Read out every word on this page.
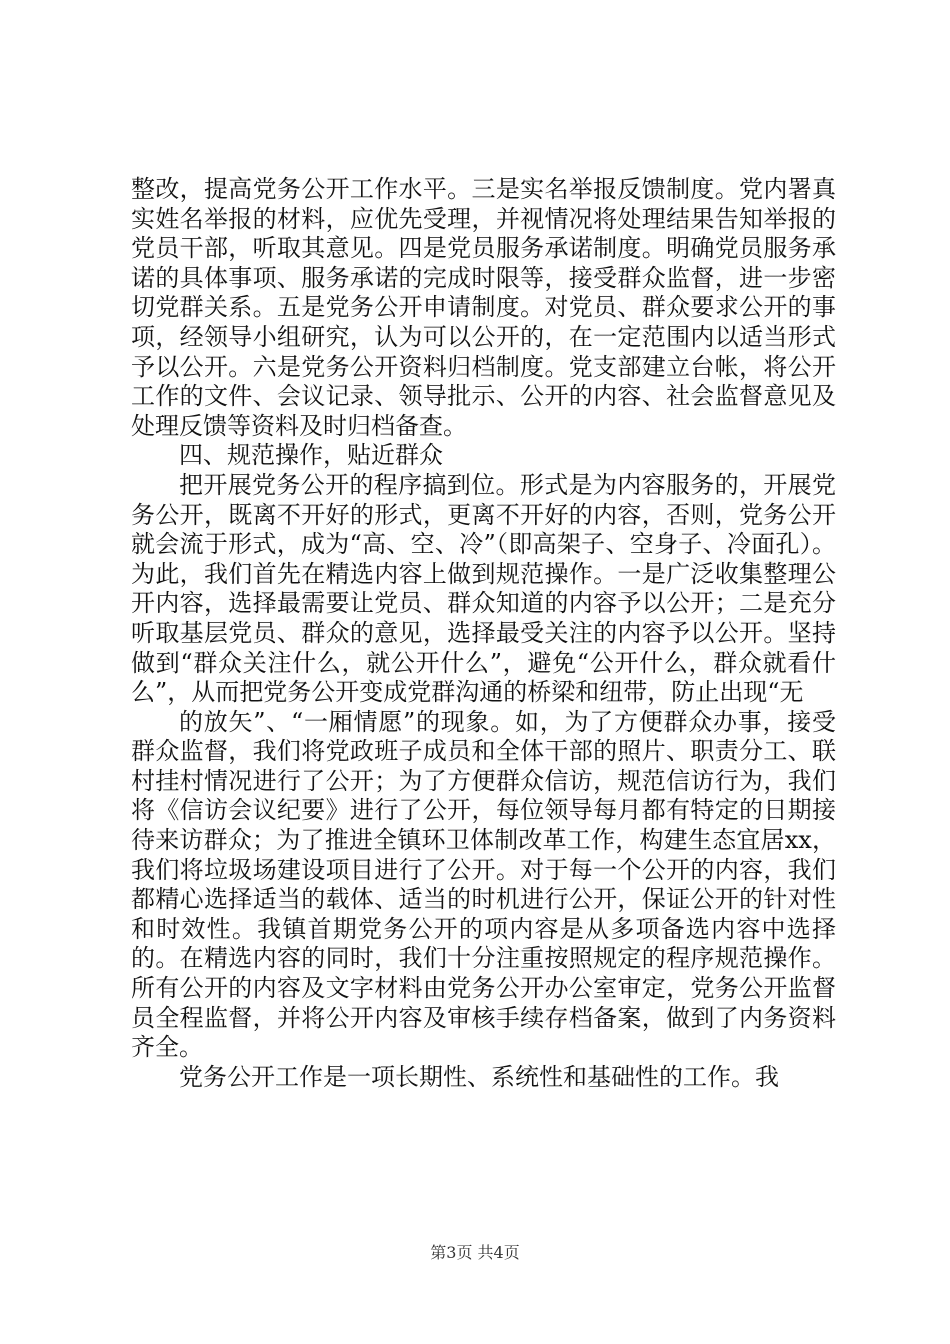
整改，提高党务公开工作水平。三是实名举报反馈制度。党内署真实姓名举报的材料，应优先受理，并视情况将处理结果告知举报的党员干部，听取其意见。四是党员服务承诺制度。明确党员服务承诺的具体事项、服务承诺的完成时限等，接受群众监督，进一步密切党群关系。五是党务公开申请制度。对党员、群众要求公开的事项，经领导小组研究，认为可以公开的，在一定范围内以适当形式予以公开。六是党务公开资料归档制度。党支部建立台帐，将公开工作的文件、会议记录、领导批示、公开的内容、社会监督意见及处理反馈等资料及时归档备查。

四、规范操作，贴近群众

把开展党务公开的程序搞到位。形式是为内容服务的，开展党务公开，既离不开好的形式，更离不开好的内容，否则，党务公开就会流于形式，成为“高、空、冷”（即高架子、空身子、冷面孔）。为此，我们首先在精选内容上做到规范操作。一是广泛收集整理公开内容，选择最需要让党员、群众知道的内容予以公开；二是充分听取基层党员、群众的意见，选择最受关注的内容予以公开。坚持做到“群众关注什么，就公开什么”，避免“公开什么，群众就看什么”，从而把党务公开变成党群沟通的桥梁和纽带，防止出现“无

的放矢”、“一厢情愿”的现象。如，为了方便群众办事，接受群众监督，我们将党政班子成员和全体干部的照片、职责分工、联村挂村情况进行了公开；为了方便群众信访，规范信访行为，我们将《信访会议纪要》进行了公开，每位领导每月都有特定的日期接待来访群众；为了推进全镇环卫体制改革工作，构建生态宜居xx，我们将垃圾场建设项目进行了公开。对于每一个公开的内容，我们都精心选择适当的载体、适当的时机进行公开，保证公开的针对性和时效性。我镇首期党务公开的项内容是从多项备选内容中选择的。在精选内容的同时，我们十分注重按照规定的程序规范操作。所有公开的内容及文字材料由党务公开办公室审定，党务公开监督员全程监督，并将公开内容及审核手续存档备案，做到了内务资料齐全。

党务公开工作是一项长期性、系统性和基础性的工作。我

第3页 共4页
